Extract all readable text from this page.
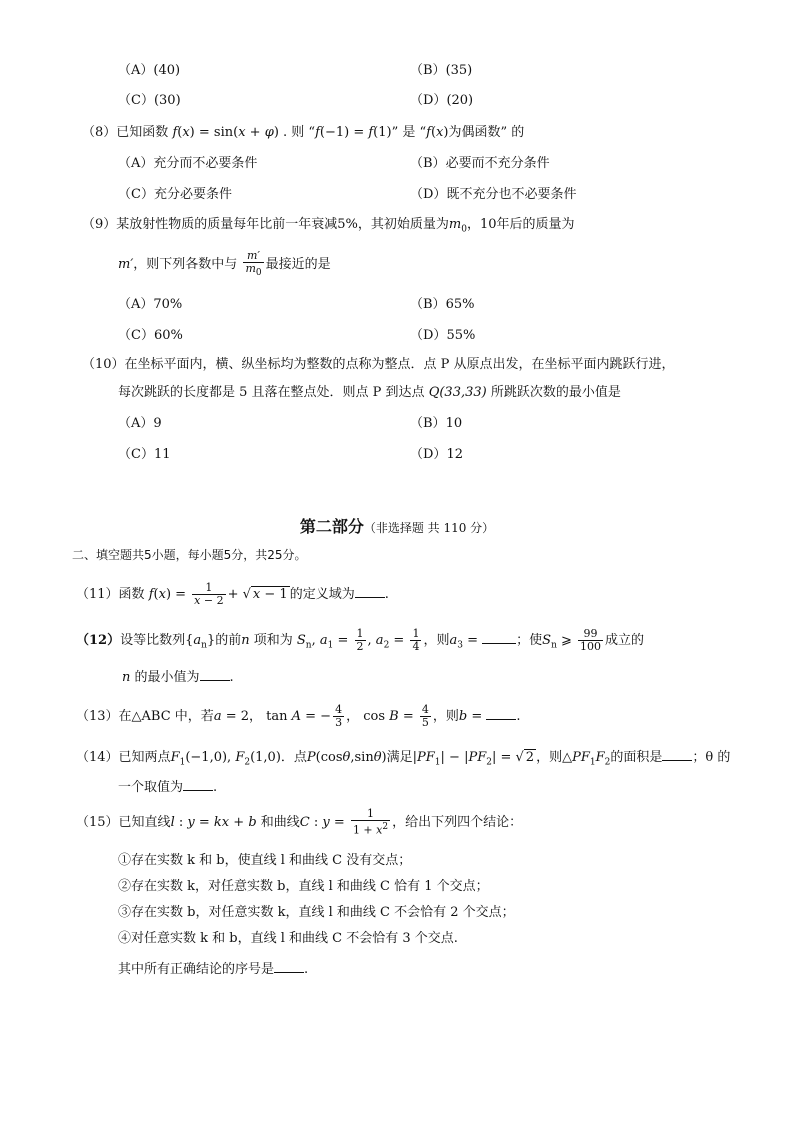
（A）(40)	（B）(35)
（C）(30)	（D）(20)
（8）已知函数 f(x) = sin(x + φ) . 则 “f(−1) = f(1)” 是 “f(x)为偶函数” 的
（A）充分而不必要条件	（B）必要而不充分条件
（C）充分必要条件	（D）既不充分也不必要条件
（9）某放射性物质的质量每年比前一年衰减5%，其初始质量为$m_0$，10年后的质量为
m′，则下列各数中与 $\frac{m'}{m_0}$ 最接近的是
（A）70%	（B）65%
（C）60%	（D）55%
（10）在坐标平面内，横、纵坐标均为整数的点称为整点．点 P 从原点出发，在坐标平面内跳跃行进，
每次跳跃的长度都是 5 且落在整点处．则点 P 到达点 Q(33,33) 所跳跃次数的最小值是
（A）9	（B）10
（C）11	（D）12
第二部分（非选择题 共 110 分）
二、填空题共5小题，每小题5分，共25分。
（11）函数 $f(x) = \frac{1}{x - 2}$ + √ x − 1 的定义域为 .
（12）设等比数列$\{a_n\}$的前n 项和为 $S_n$, $a_1 = \frac{1}{2}$ , $a_2 = \frac{1}{4}$ ，则$a_3$ =	；使$S_n$ ⩾ $\frac{99}{100}$ 成立的
n 的最小值为 .
（13）在△ABC 中，若a = 2， tan A = − $\frac{4}{3}$ ， $\cos B = \frac{4}{5}$ ，则b = .
（14）已知两点$F_1(-1,0)$, $F_2(1,0)$．点P(cosθ,sinθ)满足$|PF_1| - |PF_2|$ = √ 2 ，则$\triangle PF_1F_2$的面积是 ；θ 的
一个取值为 .
（15）已知直线l : y = kx + b 和曲线C : $y = \frac{1}{1 + x^2}$ ，给出下列四个结论：
①存在实数 k 和 b，使直线 l 和曲线 C 没有交点；
②存在实数 k，对任意实数 b，直线 l 和曲线 C 恰有 1 个交点；
③存在实数 b，对任意实数 k，直线 l 和曲线 C 不会恰有 2 个交点；
④对任意实数 k 和 b，直线 l 和曲线 C 不会恰有 3 个交点.
其中所有正确结论的序号是 .
